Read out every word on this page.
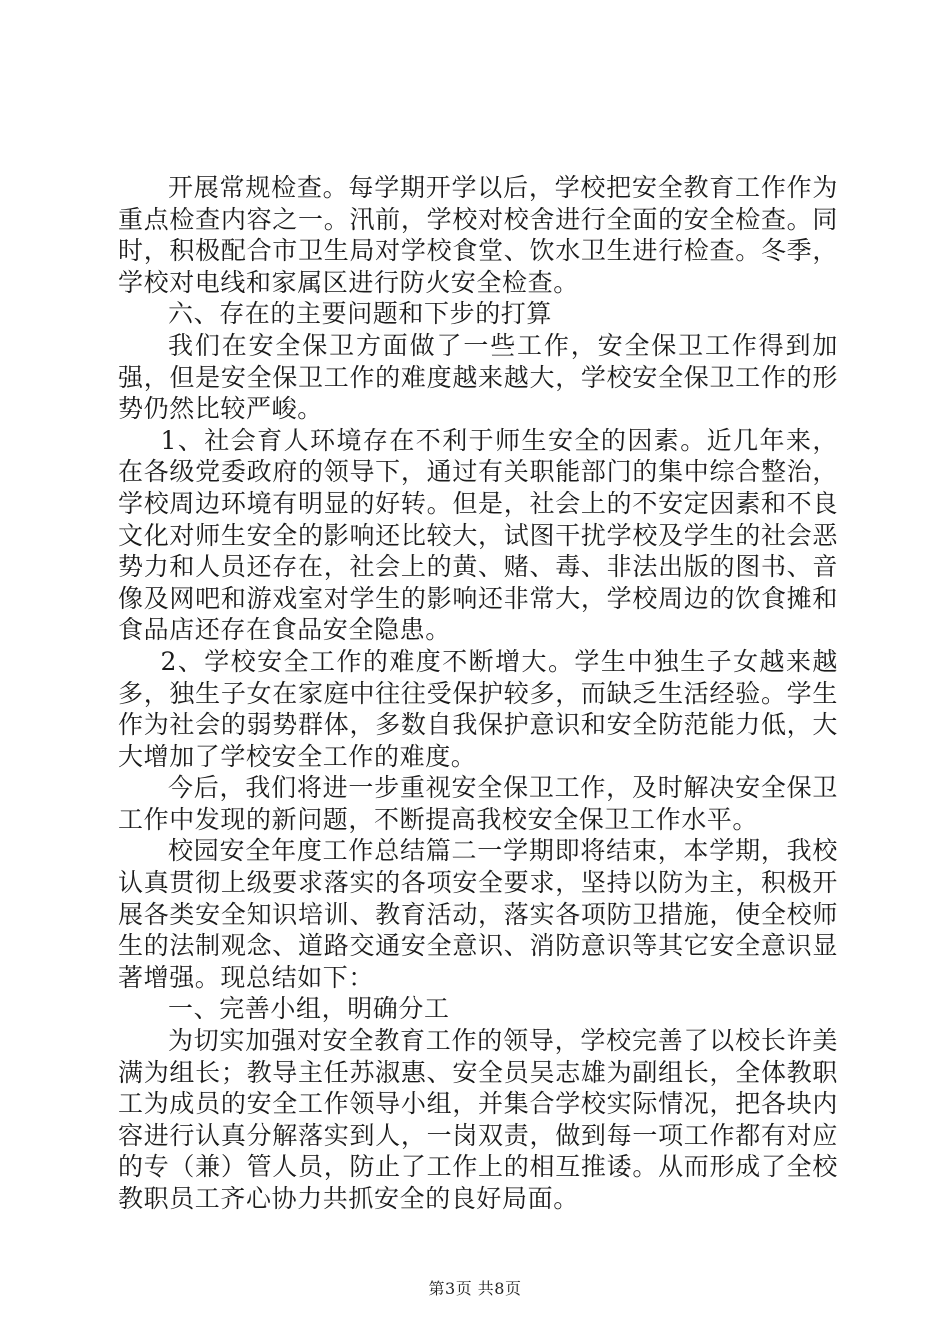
开展常规检查。每学期开学以后，学校把安全教育工作作为重点检查内容之一。汛前，学校对校舍进行全面的安全检查。同时，积极配合市卫生局对学校食堂、饮水卫生进行检查。冬季，学校对电线和家属区进行防火安全检查。

六、存在的主要问题和下步的打算

我们在安全保卫方面做了一些工作，安全保卫工作得到加强，但是安全保卫工作的难度越来越大，学校安全保卫工作的形势仍然比较严峻。

1、社会育人环境存在不利于师生安全的因素。近几年来，在各级党委政府的领导下，通过有关职能部门的集中综合整治，学校周边环境有明显的好转。但是，社会上的不安定因素和不良文化对师生安全的影响还比较大，试图干扰学校及学生的社会恶势力和人员还存在，社会上的黄、赌、毒、非法出版的图书、音像及网吧和游戏室对学生的影响还非常大，学校周边的饮食摊和食品店还存在食品安全隐患。

2、学校安全工作的难度不断增大。学生中独生子女越来越多，独生子女在家庭中往往受保护较多，而缺乏生活经验。学生作为社会的弱势群体，多数自我保护意识和安全防范能力低，大大增加了学校安全工作的难度。

今后，我们将进一步重视安全保卫工作，及时解决安全保卫工作中发现的新问题，不断提高我校安全保卫工作水平。

校园安全年度工作总结篇二一学期即将结束，本学期，我校认真贯彻上级要求落实的各项安全要求，坚持以防为主，积极开展各类安全知识培训、教育活动，落实各项防卫措施，使全校师生的法制观念、道路交通安全意识、消防意识等其它安全意识显著增强。现总结如下：

一、完善小组，明确分工

为切实加强对安全教育工作的领导，学校完善了以校长许美满为组长；教导主任苏淑惠、安全员吴志雄为副组长，全体教职工为成员的安全工作领导小组，并集合学校实际情况，把各块内容进行认真分解落实到人，一岗双责，做到每一项工作都有对应的专（兼）管人员，防止了工作上的相互推诿。从而形成了全校教职员工齐心协力共抓安全的良好局面。

第3页 共8页
